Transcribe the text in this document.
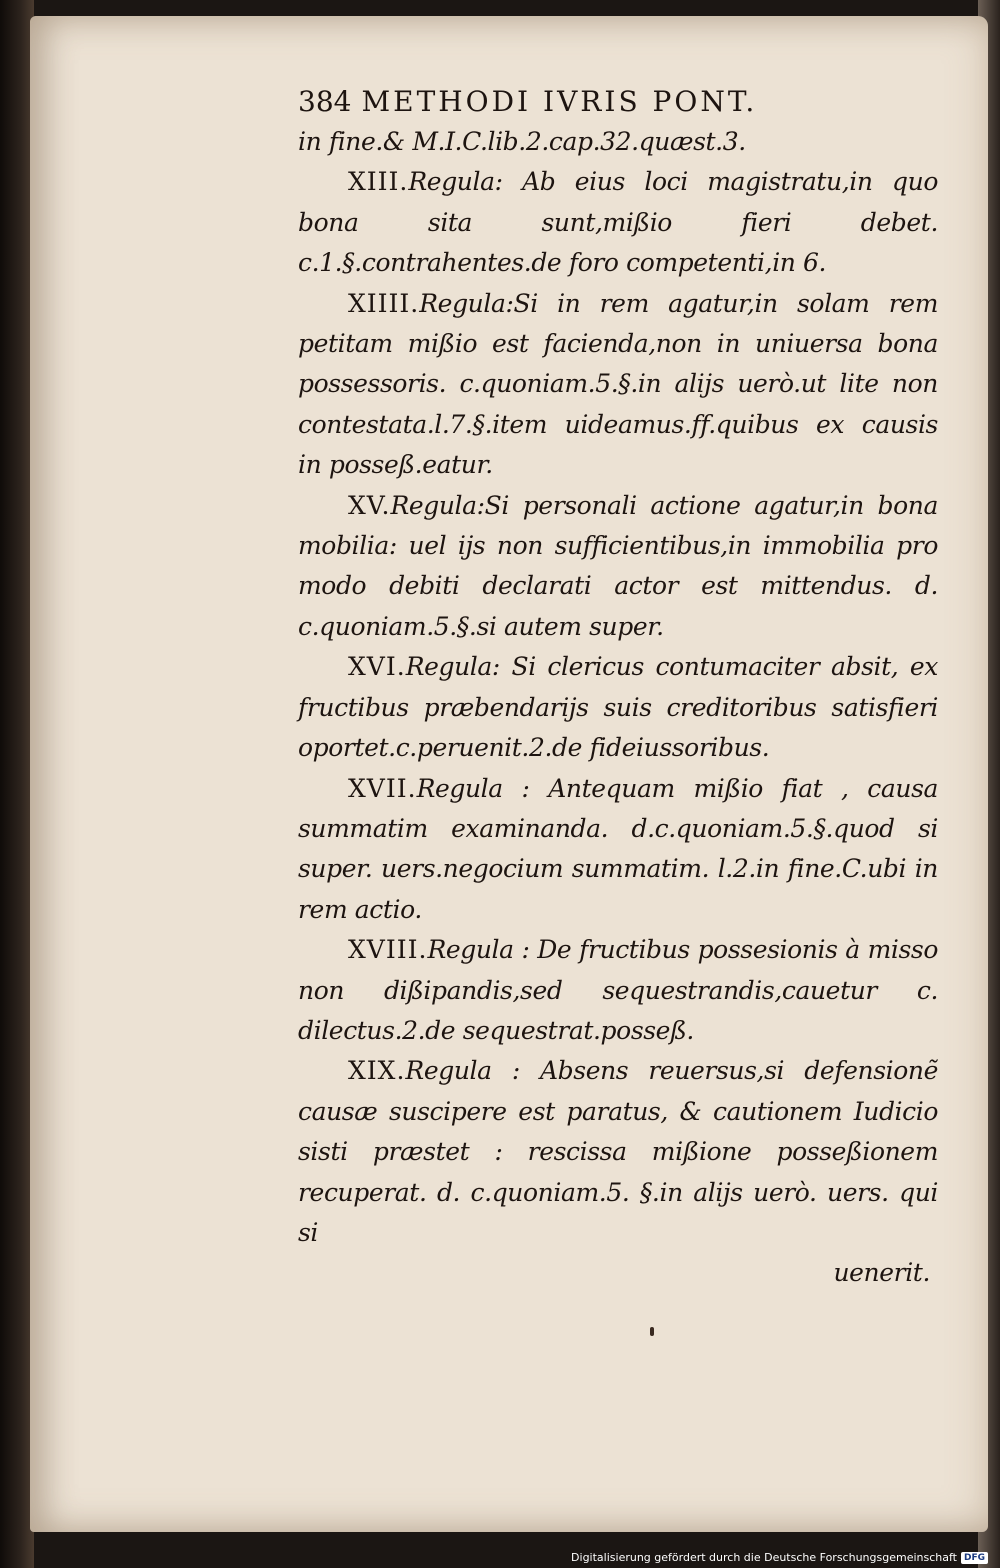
384 METHODI IVRIS PONT.

in fine.& M.I.C.lib.2.cap.32.quæst.3.

XIII.Regula: Ab eius loci magistratu,in quo bona sita sunt,mißio fieri debet. c.1.§.contrahentes.de foro competenti,in 6.

XIIII.Regula:Si in rem agatur,in solam rem petitam mißio est facienda,non in uniuersa bona possessoris. c.quoniam.5.§.in alijs uerò.ut lite non contestata.l.7.§.item uideamus.ff.quibus ex causis in posseß.eatur.

XV.Regula:Si personali actione agatur,in bona mobilia: uel ijs non sufficientibus,in immobilia pro modo debiti declarati actor est mittendus. d. c.quoniam.5.§.si autem super.

XVI.Regula: Si clericus contumaciter absit, ex fructibus præbendarijs suis creditoribus satisfieri oportet.c.peruenit.2.de fideiussoribus.

XVII.Regula : Antequam mißio fiat , causa summatim examinanda. d.c.quoniam.5.§.quod si super. uers.negocium summatim. l.2.in fine.C.ubi in rem actio.

XVIII.Regula : De fructibus possesionis à misso non dißipandis,sed sequestrandis,cauetur c. dilectus.2.de sequestrat.posseß.

XIX.Regula : Absens reuersus,si defensionẽ causæ suscipere est paratus, & cautionem Iudicio sisti præstet : rescissa mißione posseßionem recuperat. d. c.quoniam.5. §.in alijs uerò. uers. qui si

uenerit.
Digitalisierung gefördert durch die Deutsche Forschungsgemeinschaft DFG
